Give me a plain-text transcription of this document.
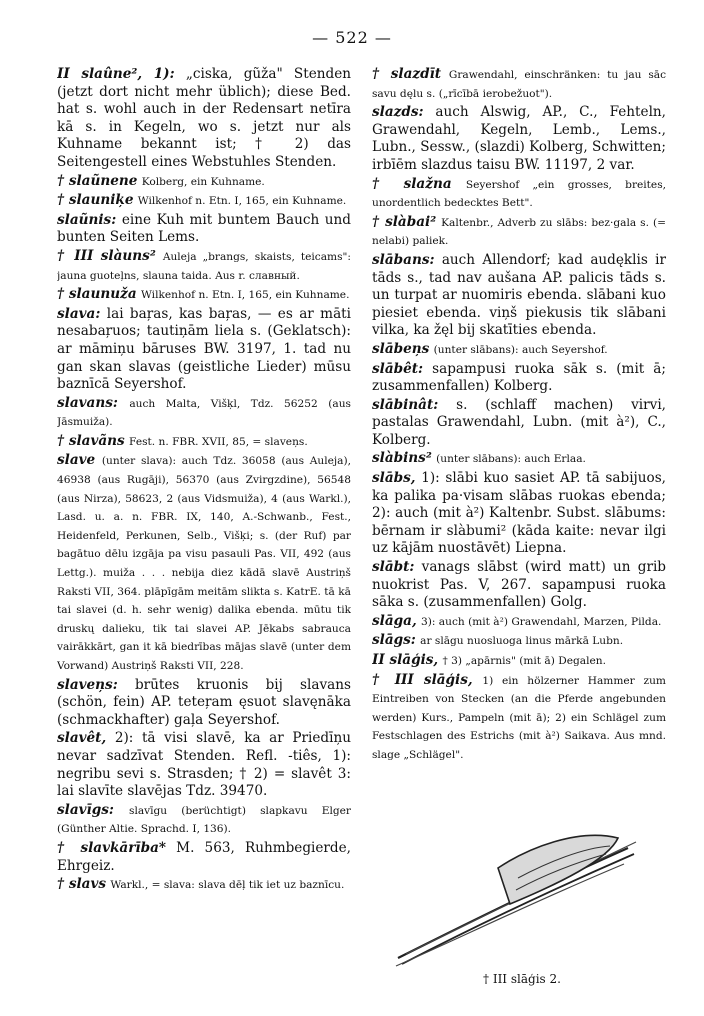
— 522 —
II slaûne², 1): „ciska, gũža" Stenden (jetzt dort nicht mehr üblich); diese Bed. hat s. wohl auch in der Redensart netīra kā s. in Kegeln, wo s. jetzt nur als Kuhname bekannt ist; † 2) das Seitengestell eines Webstuhles Stenden.
† slaũnene Kolberg, ein Kuhname.
† slauniķe Wilkenhof n. Etn. I, 165, ein Kuhname.
slaũnis: eine Kuh mit buntem Bauch und bunten Seiten Lems.
† III slàuns² Auleja „brangs, skaists, teicams": jauna guoteļns, slauna taida. Aus r. славный.
† slaunuža Wilkenhof n. Etn. I, 165, ein Kuhname.
slava: lai baŗas, kas baŗas, — es ar māti nesabaŗuos; tautiņām liela s. (Geklatsch): ar māmiņu bāruses BW. 3197, 1. tad nu gan skan slavas (geistliche Lieder) mūsu baznīcā Seyershof.
slavans: auch Malta, Višķl, Tdz. 56252 (aus Jāsmuiža).
† slavãns Fest. n. FBR. XVII, 85, = slaveņs.
slave (unter slava): auch Tdz. 36058 (aus Auleja), 46938 (aus Rugāji), 56370 (aus Zvirgzdine), 56548 (aus Nirza), 58623, 2 (aus Vidsmuiža), 4 (aus Warkl.), Lasd. u. a. n. FBR. IX, 140, A.-Schwanb., Fest., Heidenfeld, Perkunen, Selb., Višķi; s. (der Ruf) par bagātuo dēlu izgāja pa visu pasauli Pas. VII, 492 (aus Lettg.). muiža . . . nebija diez kādā slavē Austriņš Raksti VII, 364. plāpīgām meitām slikta s. KatrE. tā kā tai slavei (d. h. sehr wenig) dalika ebenda. mūtu tik druskų dalieku, tik tai slavei AP. Jēkabs sabrauca vairākkārt, gan it kā biedrības mājas slavē (unter dem Vorwand) Austriņš Raksti VII, 228.
slaveņs: brūtes kruonis bij slavans (schön, fein) AP. teteŗam ęsuot slavęnāka (schmackhafter) gaļa Seyershof.
slavêt, 2): tā visi slavē, ka ar Priedīņu nevar sadzīvat Stenden. Refl. -tiês, 1): negribu sevi s. Strasden; † 2) = slavêt 3: lai slavīte slavējas Tdz. 39470.
slavīgs: slavīgu (berüchtigt) slapkavu Elger (Günther Altie. Sprachd. I, 136).
† slavkārība* M. 563, Ruhmbegierde, Ehrgeiz.
† slavs Warkl., = slava: slava dēļ tik iet uz baznīcu.
† slazdīt Grawendahl, einschränken: tu jau sāc savu dęlu s. („rīcībā ierobežuot").
slazds: auch Alswig, AP., C., Fehteln, Grawendahl, Kegeln, Lemb., Lems., Lubn., Sessw., (slazdi) Kolberg, Schwitten; irbīēm slazdus taisu BW. 11197, 2 var.
† slažna Seyershof „ein grosses, breites, unordentlich bedecktes Bett".
† slàbai² Kaltenbr., Adverb zu slābs: bez·gala s. (= nelabi) paliek.
slābans: auch Allendorf; kad audęklis ir tāds s., tad nav aušana AP. palicis tāds s. un turpat ar nuomiris ebenda. slābani kuo piesiet ebenda. viņš piekusis tik slābani vilka, ka žęl bij skatīties ebenda.
slābeņs (unter slābans): auch Seyershof.
slābêt: sapampusi ruoka sāk s. (mit ā; zusammenfallen) Kolberg.
slābinât: s. (schlaff machen) virvi, pastalas Grawendahl, Lubn. (mit à²), C., Kolberg.
slàbins² (unter slābans): auch Erlaa.
slābs, 1): slābi kuo sasiet AP. tā sabijuos, ka palika pa·visam slābas ruokas ebenda; 2): auch (mit à²) Kaltenbr. Subst. slābums: bērnam ir slàbumi² (kāda kaite: nevar ilgi uz kājām nuostāvēt) Liepna.
slābt: vanags slābst (wird matt) un grib nuokrist Pas. V, 267. sapampusi ruoka sāka s. (zusammenfallen) Golg.
slāga, 3): auch (mit à²) Grawendahl, Marzen, Pilda.
slāgs: ar slāgu nuosluoga linus mārkā Lubn.
II slāģis, † 3) „apārnis" (mit ā) Degalen.
† III slāģis, 1) ein hölzerner Hammer zum Eintreiben von Stecken (an die Pferde angebunden werden) Kurs., Pampeln (mit ā); 2) ein Schlägel zum Festschlagen des Estrichs (mit à²) Saikava. Aus mnd. slage „Schlägel".
† III slāģis 2.
